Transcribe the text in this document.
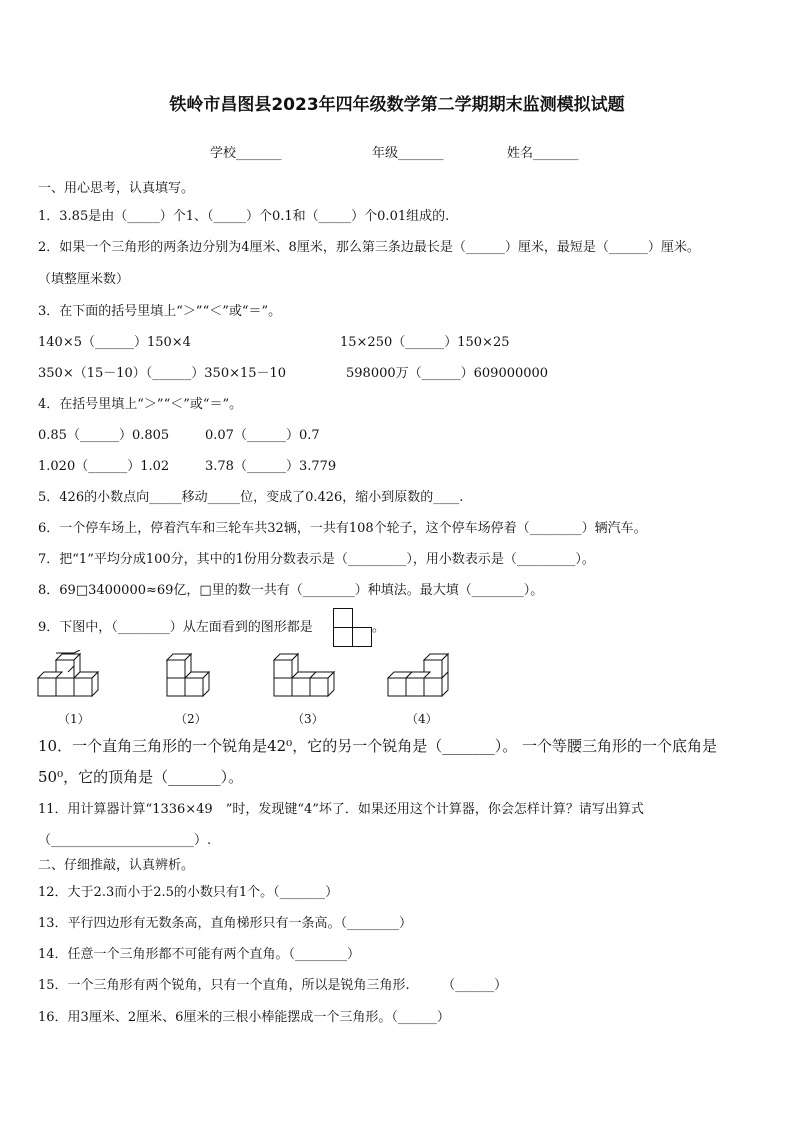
铁岭市昌图县2023年四年级数学第二学期期末监测模拟试题
学校_______	年级_______	姓名_______
一、用心思考，认真填写。
1．3.85是由（_____）个1、（_____）个0.1和（_____）个0.01组成的.
2．如果一个三角形的两条边分别为4厘米、8厘米，那么第三条边最长是（______）厘米，最短是（______）厘米。
（填整厘米数）
3．在下面的括号里填上“＞”“＜”或“＝”。
140×5（______）150×4	15×250（______）150×25
350×（15－10）（______）350×15－10	598000万（______）609000000
4．在括号里填上“＞”“＜”或“＝”。
0.85（______）0.805	0.07（______）0.7
1.020（______）1.02	3.78（______）3.779
5．426的小数点向_____移动_____位，变成了0.426，缩小到原数的____.
6．一个停车场上，停着汽车和三轮车共32辆，一共有108个轮子，这个停车场停着（________）辆汽车。
7．把“1”平均分成100分，其中的1份用分数表示是（_________），用小数表示是（_________）。
8．69□3400000≈69亿，□里的数一共有（________）种填法。最大填（________）。
9．下图中，（________）从左面看到的图形都是	。
（1）	（2）	（3）	（4）
10．一个直角三角形的一个锐角是42⁰，它的另一个锐角是（_______）。 一个等腰三角形的一个底角是
50⁰，它的顶角是（_______）。
11．用计算器计算“1336×49　”时，发现键“4”坏了．如果还用这个计算器，你会怎样计算？请写出算式
（______________________）.
二、仔细推敲，认真辨析。
12．大于2.3而小于2.5的小数只有1个。（_______）
13．平行四边形有无数条高，直角梯形只有一条高。（________）
14．任意一个三角形都不可能有两个直角。（________）
15．一个三角形有两个锐角，只有一个直角，所以是锐角三角形.　　　（______）
16．用3厘米、2厘米、6厘米的三根小棒能摆成一个三角形。（______）
